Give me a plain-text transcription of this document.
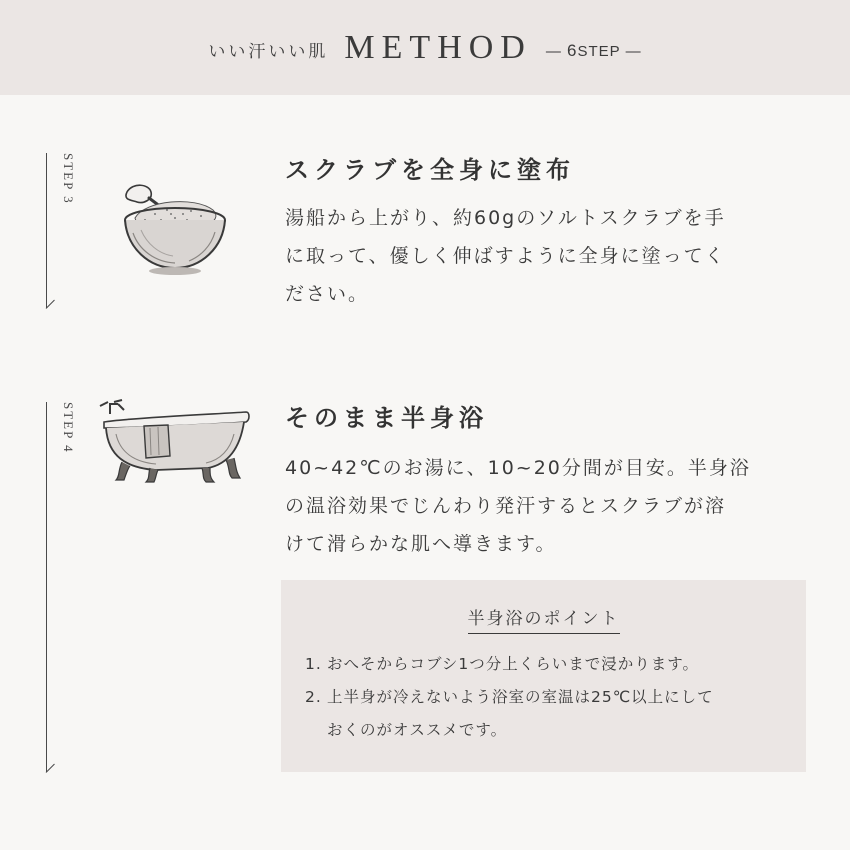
いい汗いい肌 METHOD — 6STEP —
STEP 3	スクラブを全身に塗布
湯船から上がり、約60gのソルトスクラブを手
に取って、優しく伸ばすように全身に塗ってく
ださい。
STEP 4	そのまま半身浴
40~42℃のお湯に、10~20分間が目安。半身浴
の温浴効果でじんわり発汗するとスクラブが溶
けて滑らかな肌へ導きます。
半身浴のポイント
1. おへそからコブシ1つ分上くらいまで浸かります。
2. 上半身が冷えないよう浴室の室温は25℃以上にして
おくのがオススメです。
